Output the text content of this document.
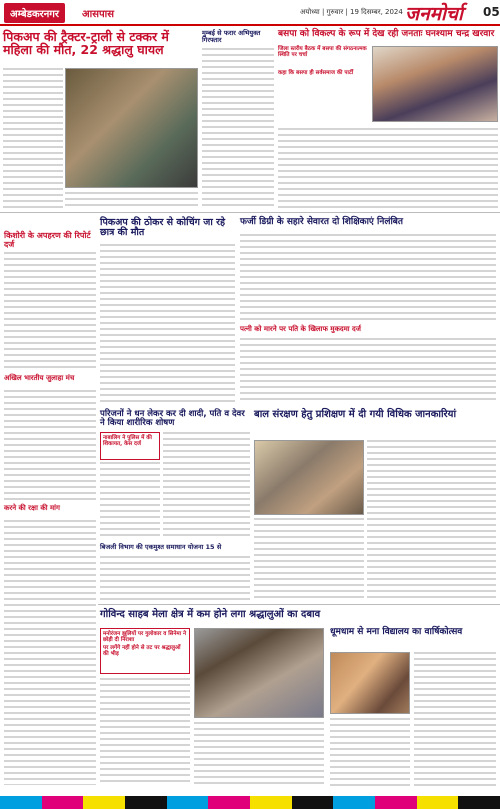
अम्बेडकरनगर	आसपास	अयोध्या | गुरुवार | 19 दिसम्बर, 2024 जनमोर्चा 05
पिकअप की ट्रैक्टर-ट्राली से टक्कर में महिला की मौत, 22 श्रद्धालु घायल
मुम्बई से फरार अभियुक्त गिरफ्तार
बसपा को विकल्प के रूप में देख रही जनताः घनश्याम चन्द्र खरवार
जिला स्तरीय बैठक में बसपा की संगठनात्मक स्थिति पर चर्चा
कहा कि बसपा ही सर्वसमाज की पार्टी
किशोरी के अपहरण की रिपोर्ट दर्ज
अखिल भारतीय जुलाहा मंच
करने की रक्षा की मांग
पिकअप की ठोकर से कोचिंग जा रहे छात्र की मौत
फर्जी डिग्री के सहारे सेवारत दो शिक्षिकाएं निलंबित
पत्नी को मारने पर पति के खिलाफ मुकदमा दर्ज
परिजनों ने धन लेकर कर दी शादी, पति व देवर ने किया शारीरिक शोषण
नाबालिग ने पुलिस में की शिकायत, केस दर्ज
बिजली विभाग की एकमुश्त समाधान योजना 15 से
बाल संरक्षण हेतु प्रशिक्षण में दी गयी विधिक जानकारियां
गोविन्द साहब मेला क्षेत्र में कम होने लगा श्रद्धालुओं का दबाव
मनोरंजन झूलियों पर गुलोकार व सिनेमा ने छोड़ी दी निराशा
पर लगेंगे नहीं होने से तट पर श्रद्धालुओं की भीड़
धूमधाम से मना विद्यालय का वार्षिकोत्सव
